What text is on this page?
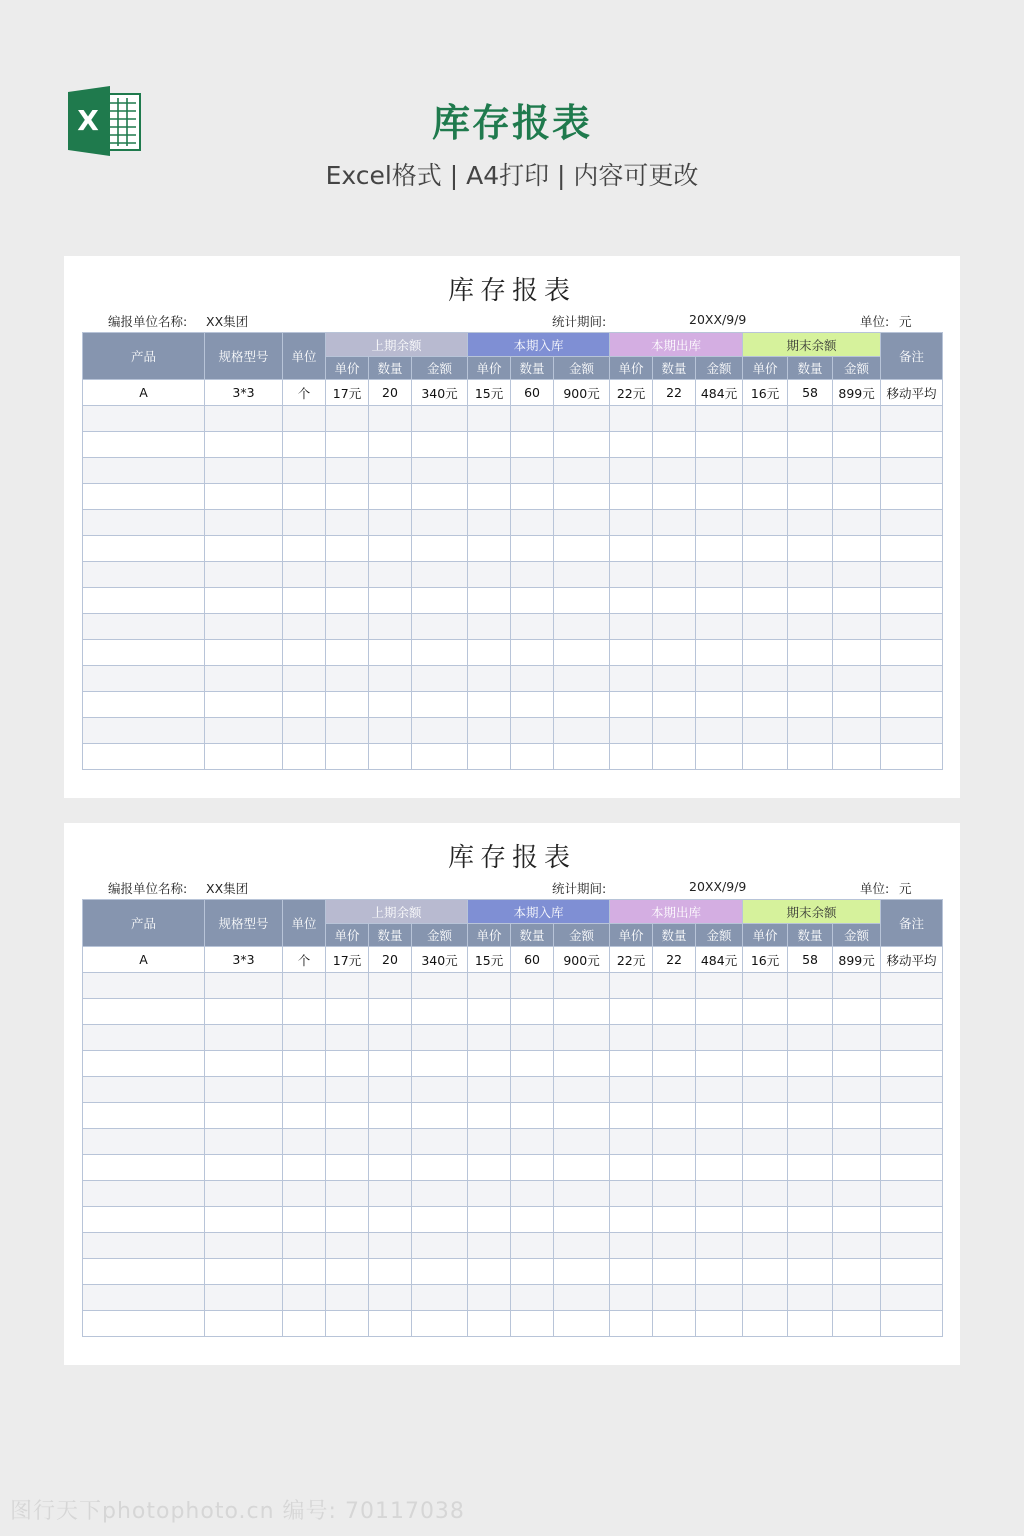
X	库存报表
Excel格式 | A4打印 | 内容可更改
库存报表
编报单位名称: XX集团	统计期间:	20XX/9/9	单位: 元
产品	规格型号	单位	上期余额			本期入库			本期出库			期末余额			备注
			单价	数量	金额	单价	数量	金额	单价	数量	金额	单价	数量	金额	
A	3*3	个	17元	20	340元	15元	60	900元	22元	22	484元	16元	58	899元	移动平均

库存报表
编报单位名称: XX集团	统计期间:	20XX/9/9	单位: 元
产品	规格型号	单位	上期余额			本期入库			本期出库			期末余额			备注
			单价	数量	金额	单价	数量	金额	单价	数量	金额	单价	数量	金额	
A	3*3	个	17元	20	340元	15元	60	900元	22元	22	484元	16元	58	899元	移动平均

图行天下photophoto.cn 编号: 70117038
